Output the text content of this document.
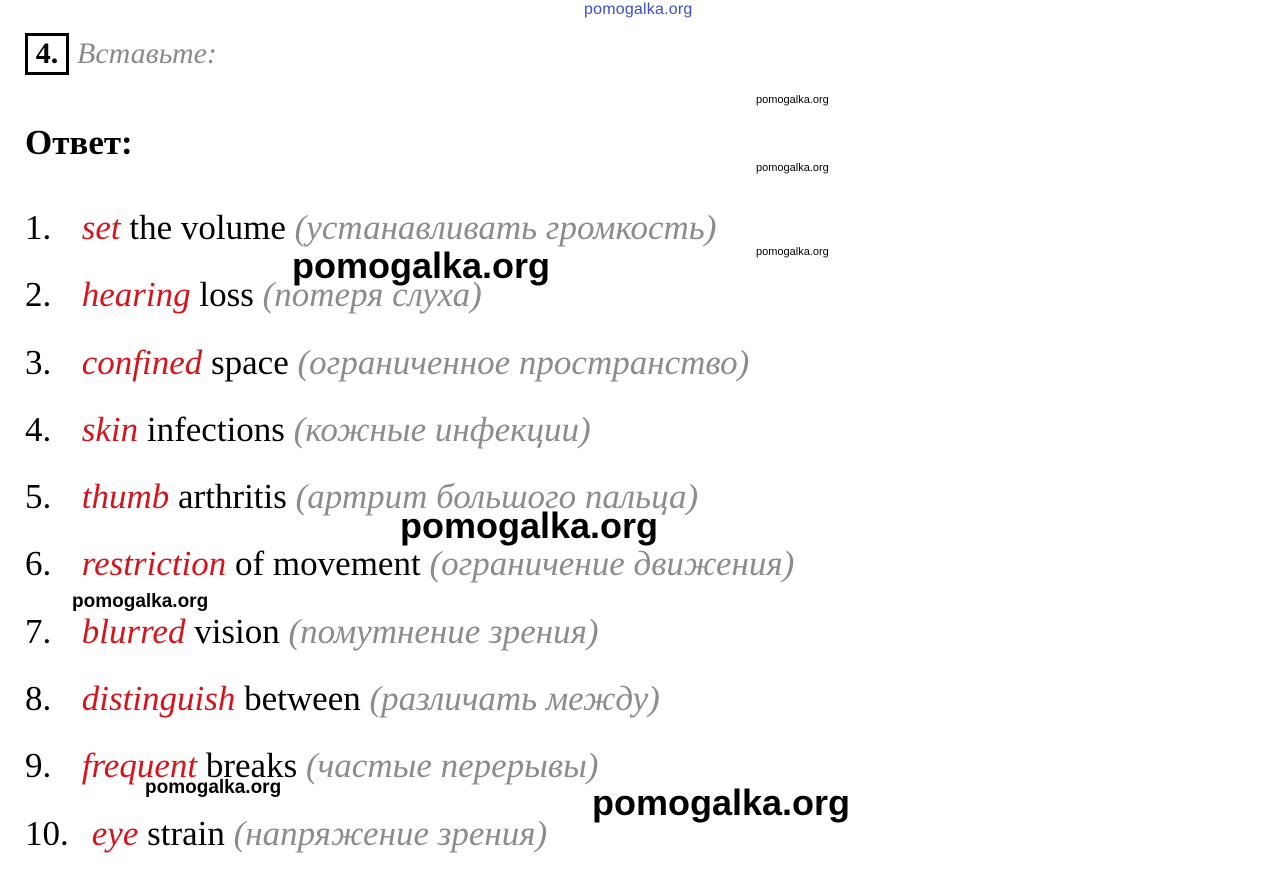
pomogalka.org
4. Вставьте:
Ответ:
1. set the volume (устанавливать громкость)
2. hearing loss (потеря слуха)
3. confined space (ограниченное пространство)
4. skin infections (кожные инфекции)
5. thumb arthritis (артрит большого пальца)
6. restriction of movement (ограничение движения)
7. blurred vision (помутнение зрения)
8. distinguish between (различать между)
9. frequent breaks (частые перерывы)
10. eye strain (напряжение зрения)
pomogalka.org
pomogalka.org
pomogalka.org
pomogalka.org
pomogalka.org
pomogalka.org
pomogalka.org	pomogalka.org
